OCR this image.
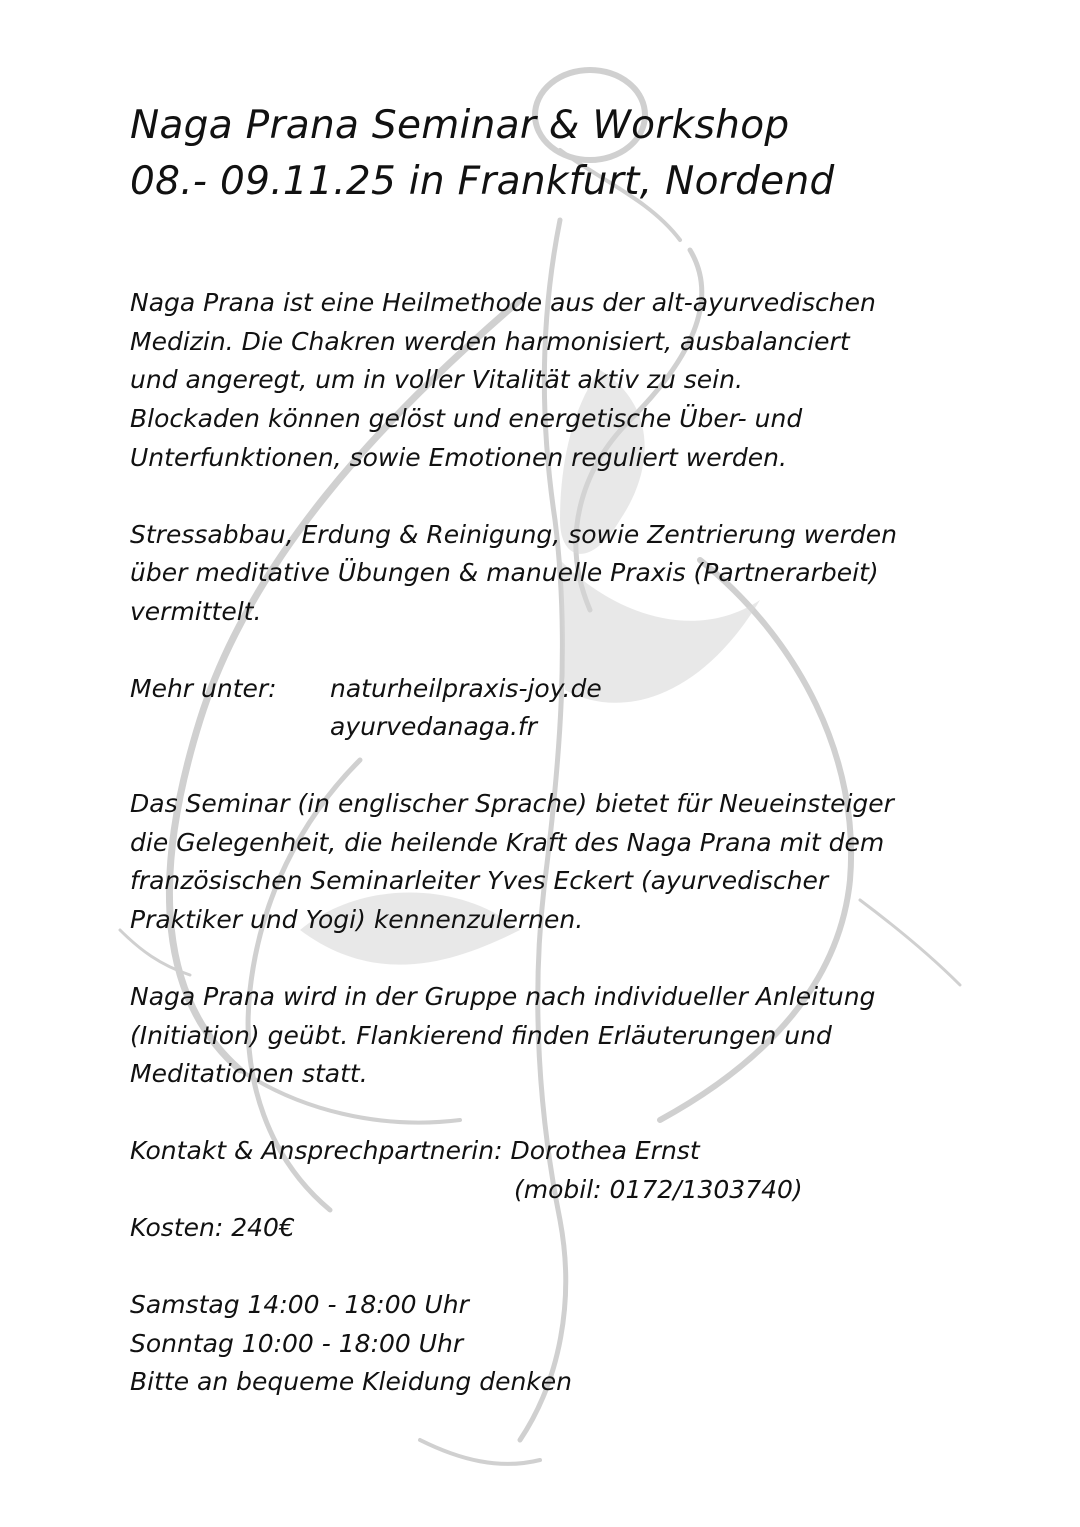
Naga Prana Seminar & Workshop
08.- 09.11.25 in Frankfurt, Nordend

Naga Prana ist eine Heilmethode aus der alt-ayurvedischen
Medizin. Die Chakren werden harmonisiert, ausbalanciert
und angeregt, um in voller Vitalität aktiv zu sein.
Blockaden können gelöst und energetische Über- und
Unterfunktionen, sowie Emotionen reguliert werden.

Stressabbau, Erdung & Reinigung, sowie Zentrierung werden
über meditative Übungen & manuelle Praxis (Partnerarbeit)
vermittelt.

Mehr unter:	naturheilpraxis-joy.de
ayurvedanaga.fr

Das Seminar (in englischer Sprache) bietet für Neueinsteiger
die Gelegenheit, die heilende Kraft des Naga Prana mit dem
französischen Seminarleiter Yves Eckert (ayurvedischer
Praktiker und Yogi) kennenzulernen.

Naga Prana wird in der Gruppe nach individueller Anleitung
(Initiation) geübt. Flankierend finden Erläuterungen und
Meditationen statt.

Kontakt & Ansprechpartnerin: Dorothea Ernst
(mobil: 0172/1303740)
Kosten: 240€

Samstag 14:00 - 18:00 Uhr
Sonntag 10:00 - 18:00 Uhr
Bitte an bequeme Kleidung denken
